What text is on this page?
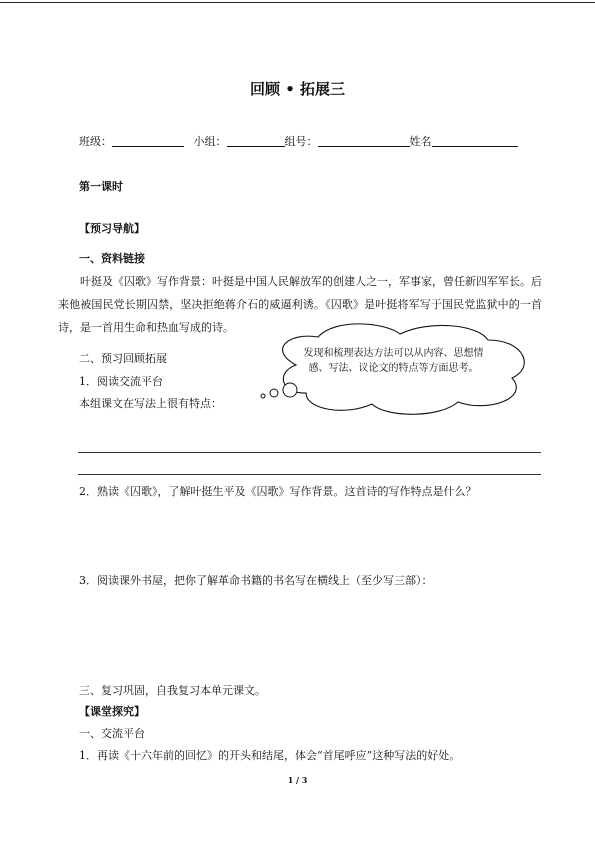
回顾 • 拓展三
班级：	小组：	组号：	姓名
第一课时
【预习导航】
一、资料链接
叶挺及《囚歌》写作背景：叶挺是中国人民解放军的创建人之一，军事家，曾任新四军军长。后来他被国民党长期囚禁，坚决拒绝蒋介石的威逼利诱。《囚歌》是叶挺将军写于国民党监狱中的一首诗，是一首用生命和热血写成的诗。
发现和梳理表达方法可以从内容、思想情感、写法、议论文的特点等方面思考。
二、预习回顾拓展
1．阅读交流平台
本组课文在写法上很有特点：
2．熟读《囚歌》，了解叶挺生平及《囚歌》写作背景。这首诗的写作特点是什么？
3．阅读课外书屋，把你了解革命书籍的书名写在横线上（至少写三部）：
三、复习巩固，自我复习本单元课文。
【课堂探究】
一、交流平台
1．再读《十六年前的回忆》的开头和结尾，体会“首尾呼应”这种写法的好处。
1 / 3
